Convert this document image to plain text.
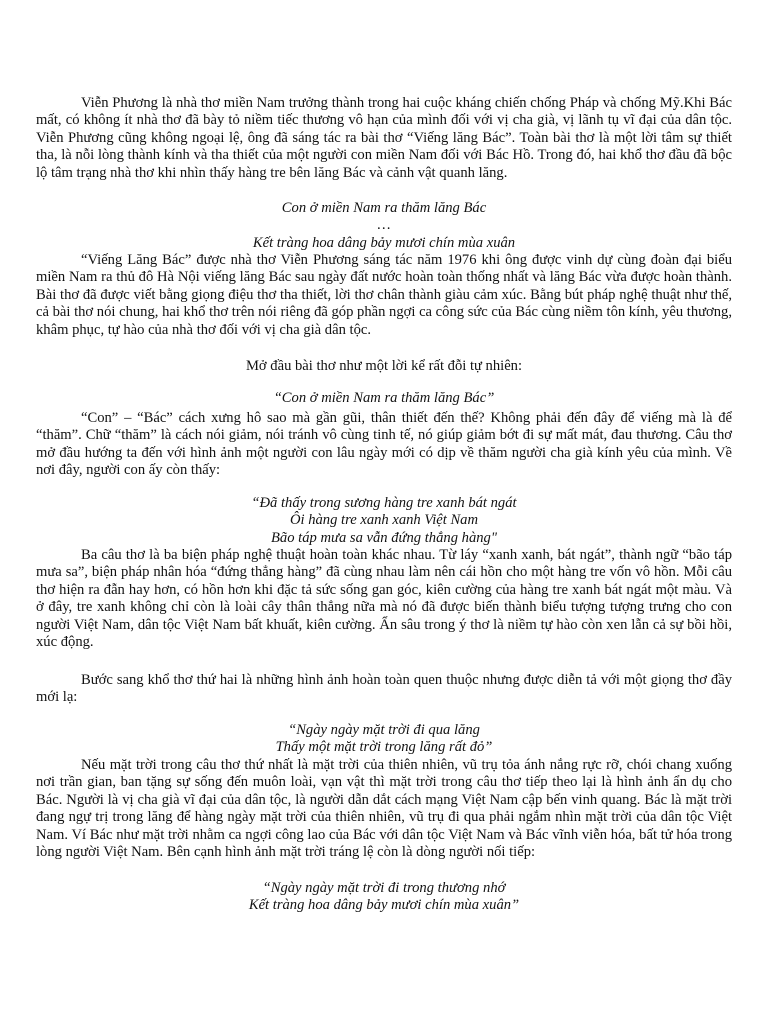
Viễn Phương là nhà thơ miền Nam trưởng thành trong hai cuộc kháng chiến chống Pháp và chống Mỹ.Khi Bác mất, có không ít nhà thơ đã bày tỏ niềm tiếc thương vô hạn của mình đối với vị cha già, vị lãnh tụ vĩ đại của dân tộc. Viễn Phương cũng không ngoại lệ, ông đã sáng tác ra bài thơ “Viếng lăng Bác”. Toàn bài thơ là một lời tâm sự thiết tha, là nỗi lòng thành kính và tha thiết của một người con miền Nam đối với Bác Hồ. Trong đó, hai khổ thơ đầu đã bộc lộ tâm trạng nhà thơ khi nhìn thấy hàng tre bên lăng Bác và cảnh vật quanh lăng.

Con ở miền Nam ra thăm lăng Bác
…
Kết tràng hoa dâng bảy mươi chín mùa xuân

“Viếng Lăng Bác” được nhà thơ Viễn Phương sáng tác năm 1976 khi ông được vinh dự cùng đoàn đại biểu miền Nam ra thủ đô Hà Nội viếng lăng Bác sau ngày đất nước hoàn toàn thống nhất và lăng Bác vừa được hoàn thành. Bài thơ đã được viết bằng giọng điệu thơ tha thiết, lời thơ chân thành giàu cảm xúc. Bằng bút pháp nghệ thuật như thế, cả bài thơ nói chung, hai khổ thơ trên nói riêng đã góp phần ngợi ca công sức của Bác cùng niềm tôn kính, yêu thương, khâm phục, tự hào của nhà thơ đối với vị cha già dân tộc.

Mở đầu bài thơ như một lời kể rất đỗi tự nhiên:

“Con ở miền Nam ra thăm lăng Bác”

“Con” – “Bác” cách xưng hô sao mà gần gũi, thân thiết đến thế? Không phải đến đây để viếng mà là để “thăm”. Chữ “thăm” là cách nói giảm, nói tránh vô cùng tinh tế, nó giúp giảm bớt đi sự mất mát, đau thương. Câu thơ mở đầu hướng ta đến với hình ảnh một người con lâu ngày mới có dịp về thăm người cha già kính yêu của mình. Về nơi đây, người con ấy còn thấy:

“Đã thấy trong sương hàng tre xanh bát ngát
Ôi hàng tre xanh xanh Việt Nam
Bão táp mưa sa vẫn đứng thẳng hàng"

Ba câu thơ là ba biện pháp nghệ thuật hoàn toàn khác nhau. Từ láy “xanh xanh, bát ngát”, thành ngữ “bão táp mưa sa”, biện pháp nhân hóa “đứng thẳng hàng” đã cùng nhau làm nên cái hồn cho một hàng tre vốn vô hồn. Mỗi câu thơ hiện ra đẫn hay hơn, có hồn hơn khi đặc tả sức sống gan góc, kiên cường của hàng tre xanh bát ngát một màu. Và ở đây, tre xanh không chỉ còn là loài cây thân thẳng nữa mà nó đã được biến thành biểu tượng tượng trưng cho con người Việt Nam, dân tộc Việt Nam bất khuất, kiên cường. Ẩn sâu trong ý thơ là niềm tự hào còn xen lẫn cả sự bồi hồi, xúc động.

Bước sang khổ thơ thứ hai là những hình ảnh hoàn toàn quen thuộc nhưng được diễn tả với một giọng thơ đầy mới lạ:

“Ngày ngày mặt trời đi qua lăng
Thấy một mặt trời trong lăng rất đỏ”

Nếu mặt trời trong câu thơ thứ nhất là mặt trời của thiên nhiên, vũ trụ tỏa ánh nắng rực rỡ, chói chang xuống nơi trần gian, ban tặng sự sống đến muôn loài, vạn vật thì mặt trời trong câu thơ tiếp theo lại là hình ảnh ẩn dụ cho Bác. Người là vị cha già vĩ đại của dân tộc, là người dẫn dắt cách mạng Việt Nam cập bến vinh quang. Bác là mặt trời đang ngự trị trong lăng để hàng ngày mặt trời của thiên nhiên, vũ trụ đi qua phải ngắm nhìn mặt trời của dân tộc Việt Nam. Ví Bác như mặt trời nhằm ca ngợi công lao của Bác với dân tộc Việt Nam và Bác vĩnh viễn hóa, bất tử hóa trong lòng người Việt Nam. Bên cạnh hình ảnh mặt trời tráng lệ còn là dòng người nối tiếp:

“Ngày ngày mặt trời đi trong thương nhớ
Kết tràng hoa dâng bảy mươi chín mùa xuân”
